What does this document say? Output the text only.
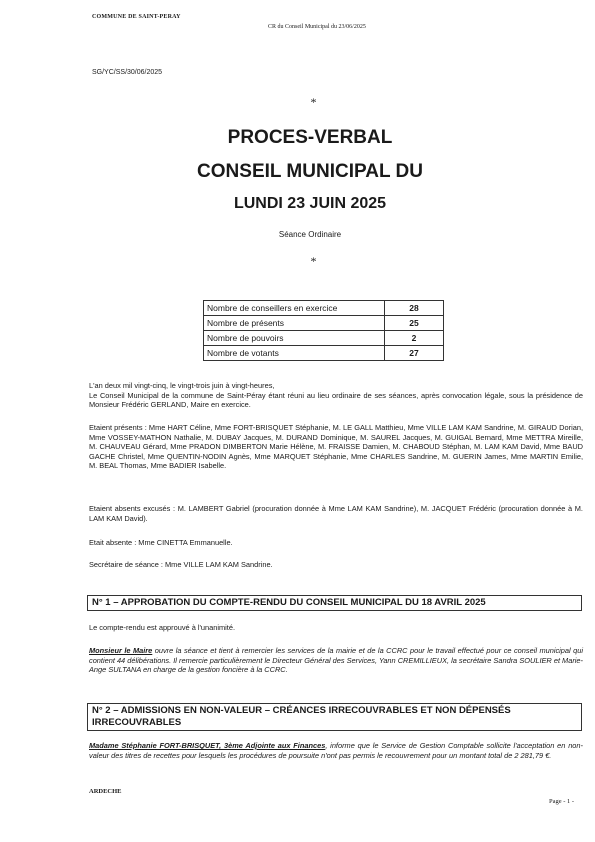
COMMUNE DE SAINT-PERAY
CR du Conseil Municipal du 23/06/2025
SG/YC/SS/30/06/2025
*
PROCES-VERBAL
CONSEIL MUNICIPAL DU
LUNDI 23 JUIN 2025
Séance Ordinaire
*
Nombre de conseillers en exercice	28
Nombre de présents	25
Nombre de pouvoirs	2
Nombre de votants	27

L'an deux mil vingt-cinq, le vingt-trois juin à vingt-heures,

Le Conseil Municipal de la commune de Saint-Péray étant réuni au lieu ordinaire de ses séances, après convocation légale, sous la présidence de Monsieur Frédéric GERLAND, Maire en exercice.

Etaient présents : Mme HART Céline, Mme FORT-BRISQUET Stéphanie, M. LE GALL Matthieu, Mme VILLE LAM KAM Sandrine, M. GIRAUD Dorian, Mme VOSSEY-MATHON Nathalie, M. DUBAY Jacques, M. DURAND Dominique, M. SAUREL Jacques, M. GUIGAL Bernard, Mme METTRA Mireille, M. CHAUVEAU Gérard, Mme PRADON DIMBERTON Marie Hélène, M. FRAISSE Damien, M. CHABOUD Stéphan, M. LAM KAM David, Mme BAUD GACHE Christel, Mme QUENTIN-NODIN Agnès, Mme MARQUET Stéphanie, Mme CHARLES Sandrine, M. GUERIN James, Mme MARTIN Emilie, M. BEAL Thomas, Mme BADIER Isabelle.

Etaient absents excusés : M. LAMBERT Gabriel (procuration donnée à Mme LAM KAM Sandrine), M. JACQUET Frédéric (procuration donnée à M. LAM KAM David).

Etait absente : Mme CINETTA Emmanuelle.

Secrétaire de séance : Mme VILLE LAM KAM Sandrine.

N° 1 – APPROBATION DU COMPTE-RENDU DU CONSEIL MUNICIPAL DU 18 AVRIL 2025

Le compte-rendu est approuvé à l'unanimité.

Monsieur le Maire ouvre la séance et tient à remercier les services de la mairie et de la CCRC pour le travail effectué pour ce conseil municipal qui contient 44 délibérations. Il remercie particulièrement le Directeur Général des Services, Yann CREMILLIEUX, la secrétaire Sandra SOULIER et Marie-Ange SULTANA en charge de la gestion foncière à la CCRC.

N° 2 – ADMISSIONS EN NON-VALEUR – CRÉANCES IRRECOUVRABLES ET NON DÉPENSÉS IRRECOUVRABLES

Madame Stéphanie FORT-BRISQUET, 3ème Adjointe aux Finances, informe que le Service de Gestion Comptable sollicite l'acceptation en non-valeur des titres de recettes pour lesquels les procédures de poursuite n'ont pas permis le recouvrement pour un montant total de 2 281,79 €.

ARDECHE
Page - 1 -
